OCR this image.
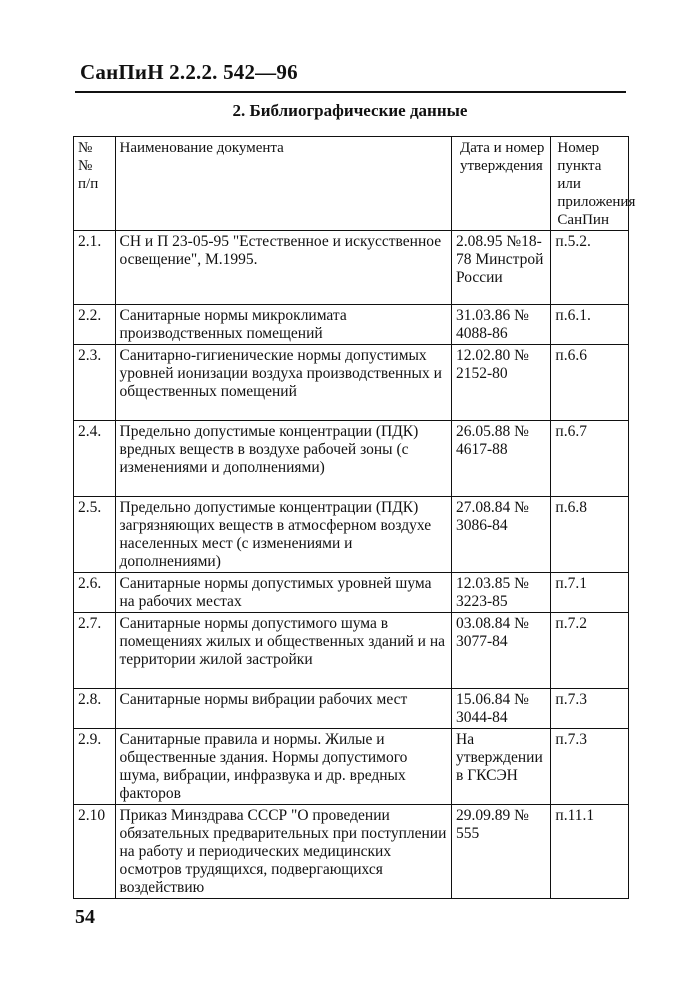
СанПиН 2.2.2. 542—96
2. Библиографические данные
№ № п/п	Наименование документа	Дата и номер утверждения	Номер пункта или приложения СанПин
2.1.	СН и П 23-05-95 "Естественное и искусственное освещение", М.1995.	2.08.95 №18-78 Минстрой России	п.5.2.
2.2.	Санитарные нормы микроклимата производственных помещений	31.03.86 № 4088-86	п.6.1.
2.3.	Санитарно-гигиенические нормы допустимых уровней ионизации воздуха производственных и общественных помещений	12.02.80 № 2152-80	п.6.6
2.4.	Предельно допустимые концентрации (ПДК) вредных веществ в воздухе рабочей зоны (с изменениями и дополнениями)	26.05.88 № 4617-88	п.6.7
2.5.	Предельно допустимые концентрации (ПДК) загрязняющих веществ в атмосферном воздухе населенных мест (с изменениями и дополнениями)	27.08.84 № 3086-84	п.6.8
2.6.	Санитарные нормы допустимых уровней шума на рабочих местах	12.03.85 № 3223-85	п.7.1
2.7.	Санитарные нормы допустимого шума в помещениях жилых и общественных зданий и на территории жилой застройки	03.08.84 № 3077-84	п.7.2
2.8.	Санитарные нормы вибрации рабочих мест	15.06.84 № 3044-84	п.7.3
2.9.	Санитарные правила и нормы. Жилые и общественные здания. Нормы допустимого шума, вибрации, инфразвука и др. вредных факторов	На утверждении в ГКСЭН	п.7.3
2.10	Приказ Минздрава СССР "О проведении обязательных предварительных при поступлении на работу и периодических медицинских осмотров трудящихся, подвергающихся воздействию	29.09.89 № 555	п.11.1
54
